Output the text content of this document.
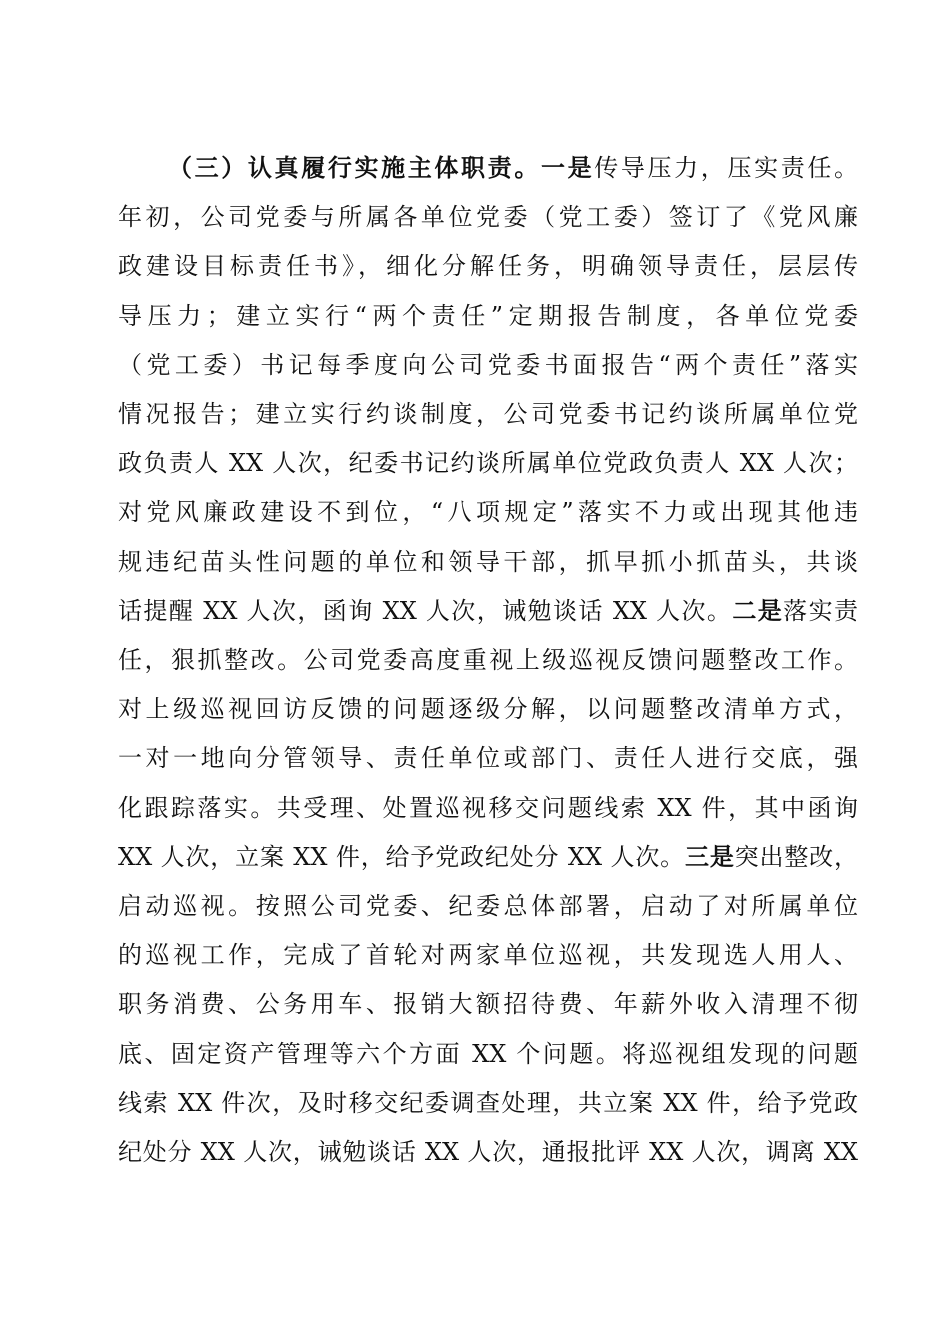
（三）认真履行实施主体职责。一是传导压力，压实责任。
年初，公司党委与所属各单位党委（党工委）签订了《党风廉
政建设目标责任书》，细化分解任务，明确领导责任，层层传
导压力；建立实行“两个责任”定期报告制度，各单位党委
（党工委）书记每季度向公司党委书面报告“两个责任”落实
情况报告；建立实行约谈制度，公司党委书记约谈所属单位党
政负责人 XX 人次，纪委书记约谈所属单位党政负责人 XX 人次；
对党风廉政建设不到位，“八项规定”落实不力或出现其他违
规违纪苗头性问题的单位和领导干部，抓早抓小抓苗头，共谈
话提醒 XX 人次，函询 XX 人次，诫勉谈话 XX 人次。二是落实责
任，狠抓整改。公司党委高度重视上级巡视反馈问题整改工作。
对上级巡视回访反馈的问题逐级分解，以问题整改清单方式，
一对一地向分管领导、责任单位或部门、责任人进行交底，强
化跟踪落实。共受理、处置巡视移交问题线索 XX 件，其中函询
XX 人次，立案 XX 件，给予党政纪处分 XX 人次。三是突出整改，
启动巡视。按照公司党委、纪委总体部署，启动了对所属单位
的巡视工作，完成了首轮对两家单位巡视，共发现选人用人、
职务消费、公务用车、报销大额招待费、年薪外收入清理不彻
底、固定资产管理等六个方面 XX 个问题。将巡视组发现的问题
线索 XX 件次，及时移交纪委调查处理，共立案 XX 件，给予党政
纪处分 XX 人次，诫勉谈话 XX 人次，通报批评 XX 人次，调离 XX
